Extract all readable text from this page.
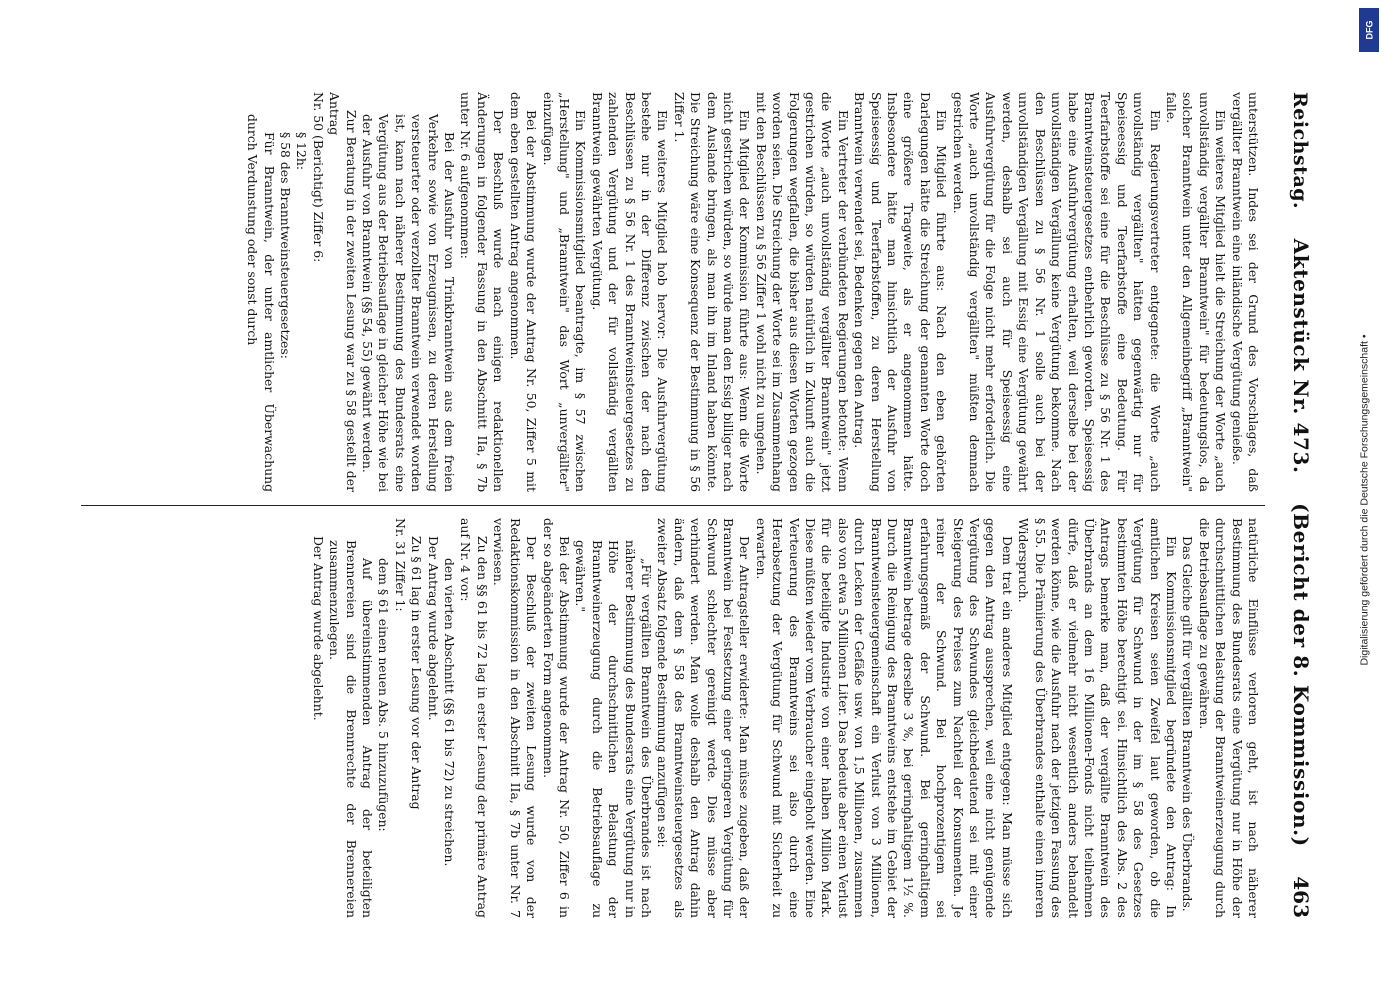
Reichstag.
Aktenstück Nr. 473.
(Bericht der 8. Kommission.)
463

unterstützen. Indes sei der Grund des Vorschlages, daß vergällter Branntwein eine inländische Vergütung genieße.

Ein weiteres Mitglied hielt die Streichung der Worte „auch unvollständig vergällter Branntwein" für bedeutungslos, da solcher Branntwein unter den Allgemeinbegriff „Branntwein" falle.

Ein Regierungsvertreter entgegnete: die Worte „auch unvollständig vergällten" hätten gegenwärtig nur für Speiseessig und Teerfarbstoffe eine Bedeutung. Für Teerfarbstoffe sei eine für die Beschlüsse zu § 56 Nr. 1 des Branntweinsteuergesetzes entbehrlich geworden. Speiseessig habe eine Ausfuhrvergütung erhalten, weil derselbe bei der unvollständigen Vergällung keine Vergütung bekomme. Nach den Beschlüssen zu § 56 Nr. 1 solle auch bei der unvollständigen Vergällung mit Essig eine Vergütung gewährt werden, deshalb sei auch für Speiseessig eine Ausfuhrvergütung für die Folge nicht mehr erforderlich. Die Worte „auch unvollständig vergällten" müßten demnach gestrichen werden.

Ein Mitglied führte aus: Nach den eben gehörten Darlegungen hätte die Streichung der genannten Worte doch eine größere Tragweite, als er angenommen hätte. Insbesondere hätte man hinsichtlich der Ausfuhr von Speiseessig und Teerfarbstoffen, zu deren Herstellung Branntwein verwendet sei, Bedenken gegen den Antrag.

Ein Vertreter der verbündeten Regierungen betonte: Wenn die Worte „auch unvollständig vergällter Branntwein" jetzt gestrichen würden, so würden natürlich in Zukunft auch die Folgerungen wegfallen, die bisher aus diesen Worten gezogen worden seien. Die Streichung der Worte sei im Zusammenhang mit den Beschlüssen zu § 56 Ziffer 1 wohl nicht zu umgehen.

Ein Mitglied der Kommission führte aus: Wenn die Worte nicht gestrichen würden, so würde man den Essig billiger nach dem Auslande bringen, als man ihn im Inland haben könnte. Die Streichung wäre eine Konsequenz der Bestimmung in § 56 Ziffer 1.

Ein weiteres Mitglied hob hervor: Die Ausfuhrvergütung bestehe nur in der Differenz zwischen der nach den Beschlüssen zu § 56 Nr. 1 des Branntweinsteuergesetzes zu zahlenden Vergütung und der für vollständig vergällten Branntwein gewährten Vergütung.

Ein Kommissionsmitglied beantragte, im § 57 zwischen „Herstellung" und „Branntwein" das Wort „unvergällter" einzufügen.

Bei der Abstimmung wurde der Antrag Nr. 50, Ziffer 5 mit dem eben gestellten Antrag angenommen.

Der Beschluß wurde nach einigen redaktionellen Änderungen in folgender Fassung in den Abschnitt IIa, § 7b unter Nr. 6 aufgenommen:

Bei der Ausfuhr von Trinkbranntwein aus dem freien Verkehre sowie von Erzeugnissen, zu deren Herstellung versteuerter oder verzollter Branntwein verwendet worden ist, kann nach näherer Bestimmung des Bundesrats eine Vergütung aus der Betriebsauflage in gleicher Höhe wie bei der Ausfuhr von Branntwein (§§ 54, 55) gewährt werden.

Zur Beratung in der zweiten Lesung war zu § 58 gestellt der Antrag

Nr. 50 (Berichtigt) Ziffer 6:

§ 12h:

§ 58 des Branntweinsteuergesetzes:

Für Branntwein, der unter amtlicher Überwachung durch Verdunstung oder sonst durch

natürliche Einflüsse verloren geht, ist nach näherer Bestimmung des Bundesrats eine Vergütung nur in Höhe der durchschnittlichen Belastung der Branntweinerzeugung durch die Betriebsauflage zu gewähren.

Das Gleiche gilt für vergällten Branntwein des Überbrands.

Ein Kommissionsmitglied begründete den Antrag: In amtlichen Kreisen seien Zweifel laut geworden, ob die Vergütung für Schwund in der im § 58 des Gesetzes bestimmten Höhe berechtigt sei. Hinsichtlich des Abs. 2 des Antrags bemerke man, daß der vergällte Branntwein des Überbrands an dem 16 Millionen-Fonds nicht teilnehmen dürfe, daß er vielmehr nicht wesentlich anders behandelt werden könne, wie die Ausfuhr nach der jetzigen Fassung des § 55. Die Prämiierung des Überbrandes enthalte einen inneren Widerspruch.

Dem trat ein anderes Mitglied entgegen: Man müsse sich gegen den Antrag aussprechen, weil eine nicht genügende Vergütung des Schwundes gleichbedeutend sei mit einer Steigerung des Preises zum Nachteil der Konsumenten. Je reiner der Schwund. Bei hochprozentigem sei erfahrungsgemäß der Schwund. Bei geringhaltigem Branntwein betrage derselbe 3 %, bei geringhaltigem 1½ %. Durch die Reinigung des Branntweins entstehe im Gebiet der Branntweinsteuergemeinschaft ein Verlust von 3 Millionen, durch Lecken der Gefäße usw. von 1,5 Millionen, zusammen also von etwa 5 Millionen Liter. Das bedeute aber einen Verlust für die beteiligte Industrie von einer halben Million Mark. Diese müßten wieder vom Verbraucher eingeholt werden. Eine Verteuerung des Branntweins sei also durch eine Herabsetzung der Vergütung für Schwund mit Sicherheit zu erwarten.

Der Antragsteller erwiderte: Man müsse zugeben, daß der Branntwein bei Festsetzung einer geringeren Vergütung für Schwund schlechter gereinigt werde. Dies müsse aber verhindert werden. Man wolle deshalb den Antrag dahin ändern, daß dem § 58 des Branntweinsteuergesetzes als zweiter Absatz folgende Bestimmung anzufügen sei:

„Für vergällten Branntwein des Überbrandes ist nach näherer Bestimmung des Bundesrats eine Vergütung nur in Höhe der durchschnittlichen Belastung der Branntweinerzeugung durch die Betriebsauflage zu gewähren."

Bei der Abstimmung wurde der Antrag Nr. 50, Ziffer 6 in der so abgeänderten Form angenommen.

Der Beschluß der zweiten Lesung wurde von der Redaktionskommission in den Abschnitt IIa, § 7b unter Nr. 7 verwiesen.

Zu den §§ 61 bis 72 lag in erster Lesung der primäre Antrag auf Nr. 4 vor:

den vierten Abschnitt (§§ 61 bis 72) zu streichen.

Der Antrag wurde abgelehnt.

Zu § 61 lag in erster Lesung vor der Antrag

Nr. 31 Ziffer 1:

dem § 61 einen neuen Abs. 5 hinzuzufügen:

Auf übereinstimmenden Antrag der beteiligten Brennereien sind die Brennrechte der Brennereien zusammenzulegen.

Der Antrag wurde abgelehnt.	Digitalisierung gefördert durch die Deutsche Forschungsgemeinschaft •
DFG
